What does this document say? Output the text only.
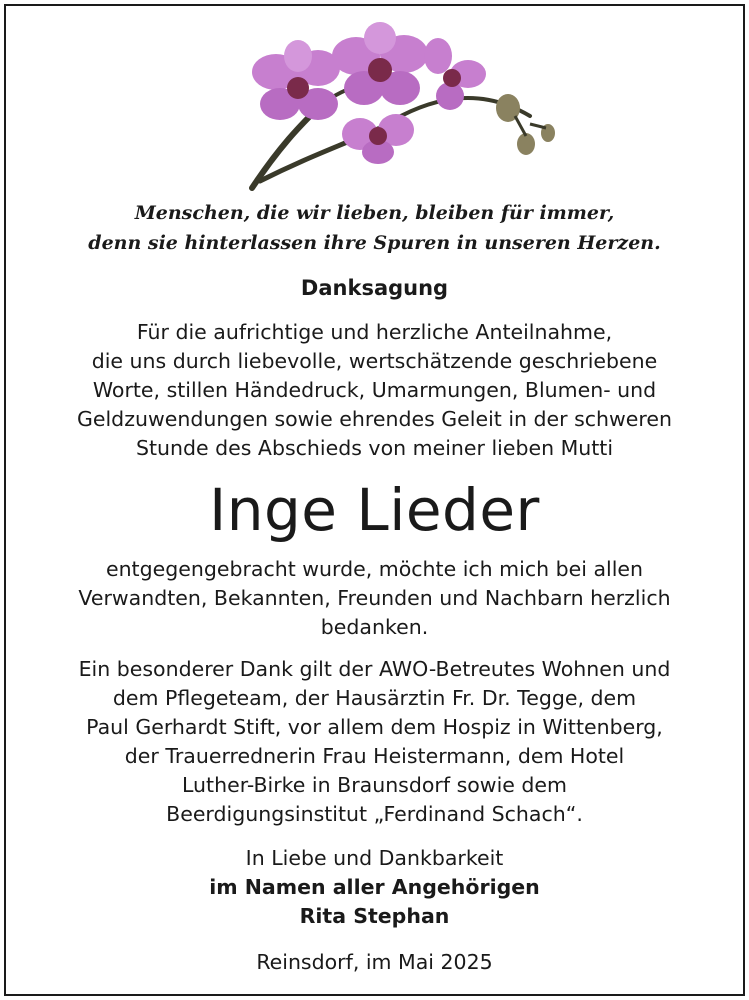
Menschen, die wir lieben, bleiben für immer,
denn sie hinterlassen ihre Spuren in unseren Herzen.
Danksagung
Für die aufrichtige und herzliche Anteilnahme,
die uns durch liebevolle, wertschätzende geschriebene
Worte, stillen Händedruck, Umarmungen, Blumen- und
Geldzuwendungen sowie ehrendes Geleit in der schweren
Stunde des Abschieds von meiner lieben Mutti
Inge Lieder
entgegengebracht wurde, möchte ich mich bei allen
Verwandten, Bekannten, Freunden und Nachbarn herzlich
bedanken.
Ein besonderer Dank gilt der AWO-Betreutes Wohnen und
dem Pflegeteam, der Hausärztin Fr. Dr. Tegge, dem
Paul Gerhardt Stift, vor allem dem Hospiz in Wittenberg,
der Trauerrednerin Frau Heistermann, dem Hotel
Luther-Birke in Braunsdorf sowie dem
Beerdigungsinstitut „Ferdinand Schach“.
In Liebe und Dankbarkeit
im Namen aller Angehörigen
Rita Stephan
Reinsdorf, im Mai 2025
